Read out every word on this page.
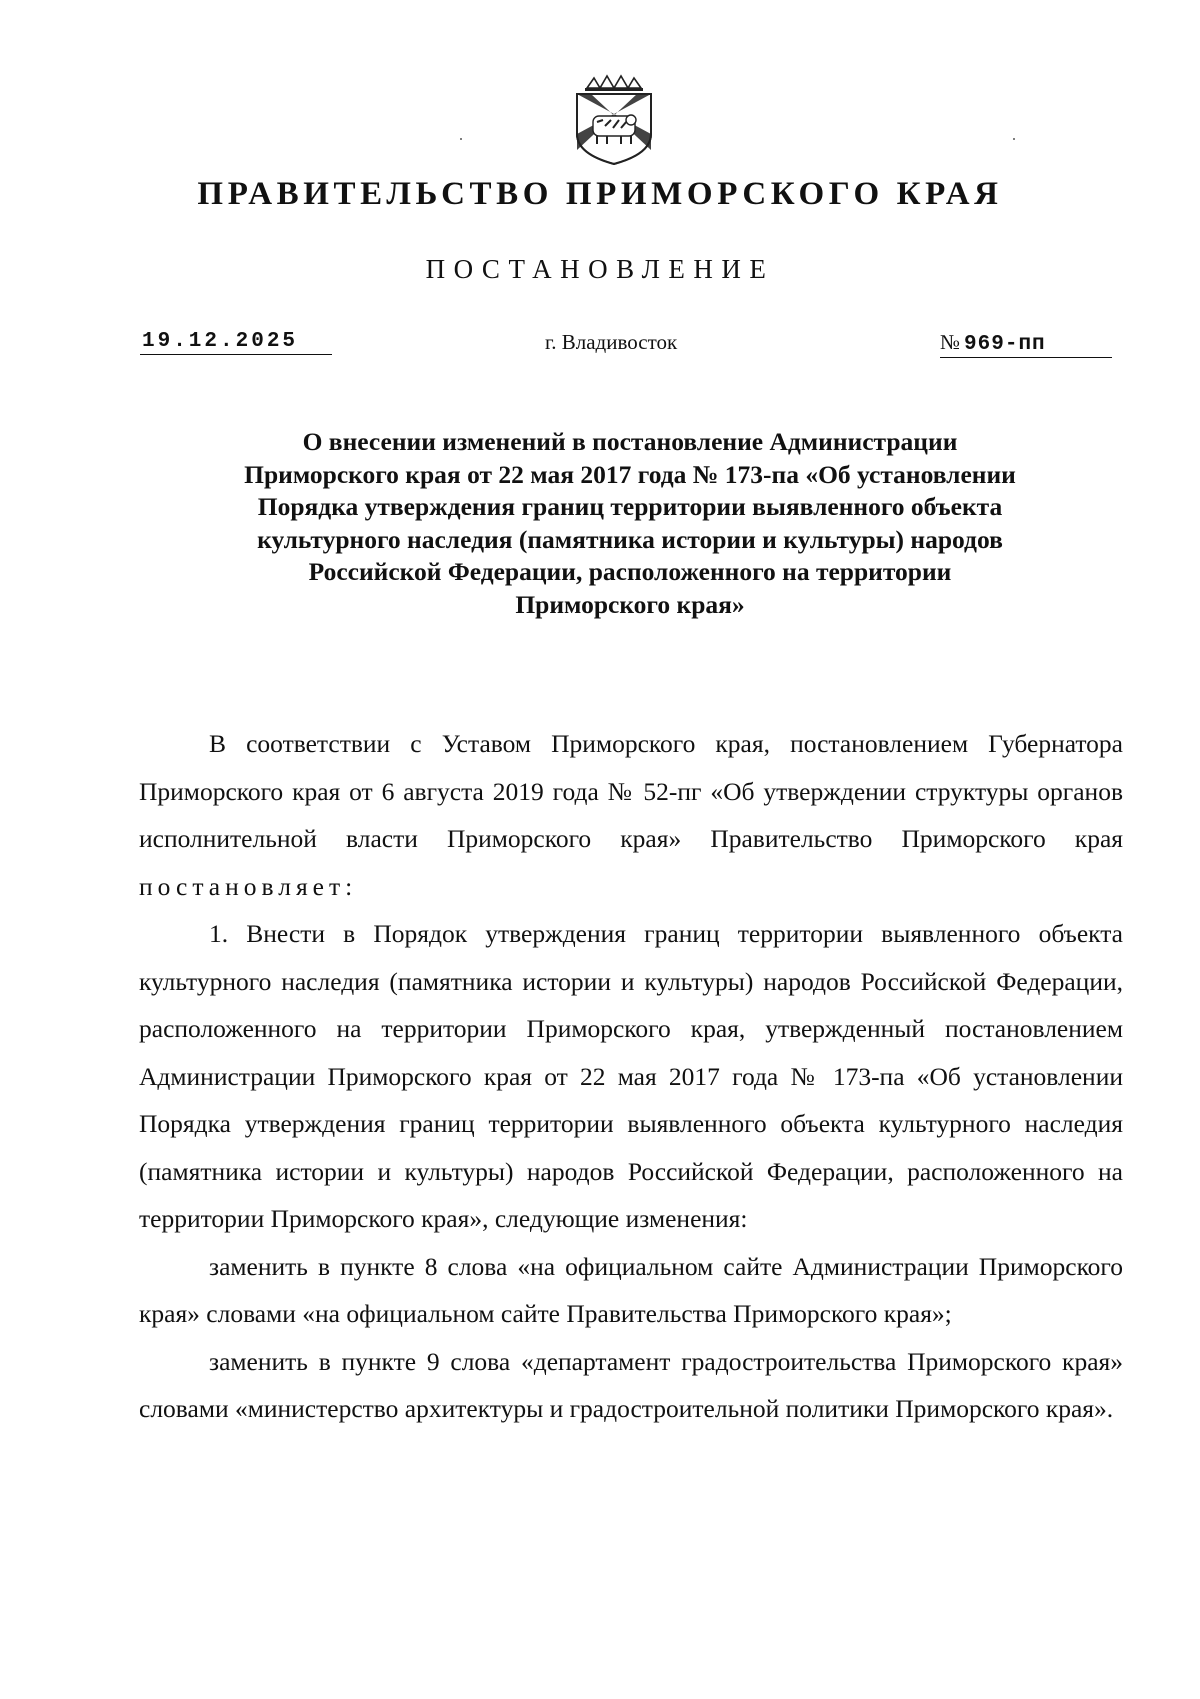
ПРАВИТЕЛЬСТВО ПРИМОРСКОГО КРАЯ
ПОСТАНОВЛЕНИЕ
19.12.2025	г. Владивосток	№ 969-пп
О внесении изменений в постановление Администрации Приморского края от 22 мая 2017 года № 173-па «Об установлении Порядка утверждения границ территории выявленного объекта культурного наследия (памятника истории и культуры) народов Российской Федерации, расположенного на территории Приморского края»

В соответствии с Уставом Приморского края, постановлением Губернатора Приморского края от 6 августа 2019 года № 52-пг «Об утверждении структуры органов исполнительной власти Приморского края» Правительство Приморского края постановляет:

1. Внести в Порядок утверждения границ территории выявленного объекта культурного наследия (памятника истории и культуры) народов Российской Федерации, расположенного на территории Приморского края, утвержденный постановлением Администрации Приморского края от 22 мая 2017 года № 173-па «Об установлении Порядка утверждения границ территории выявленного объекта культурного наследия (памятника истории и культуры) народов Российской Федерации, расположенного на территории Приморского края», следующие изменения:

заменить в пункте 8 слова «на официальном сайте Администрации Приморского края» словами «на официальном сайте Правительства Приморского края»;

заменить в пункте 9 слова «департамент градостроительства Приморского края» словами «министерство архитектуры и градостроительной политики Приморского края».
